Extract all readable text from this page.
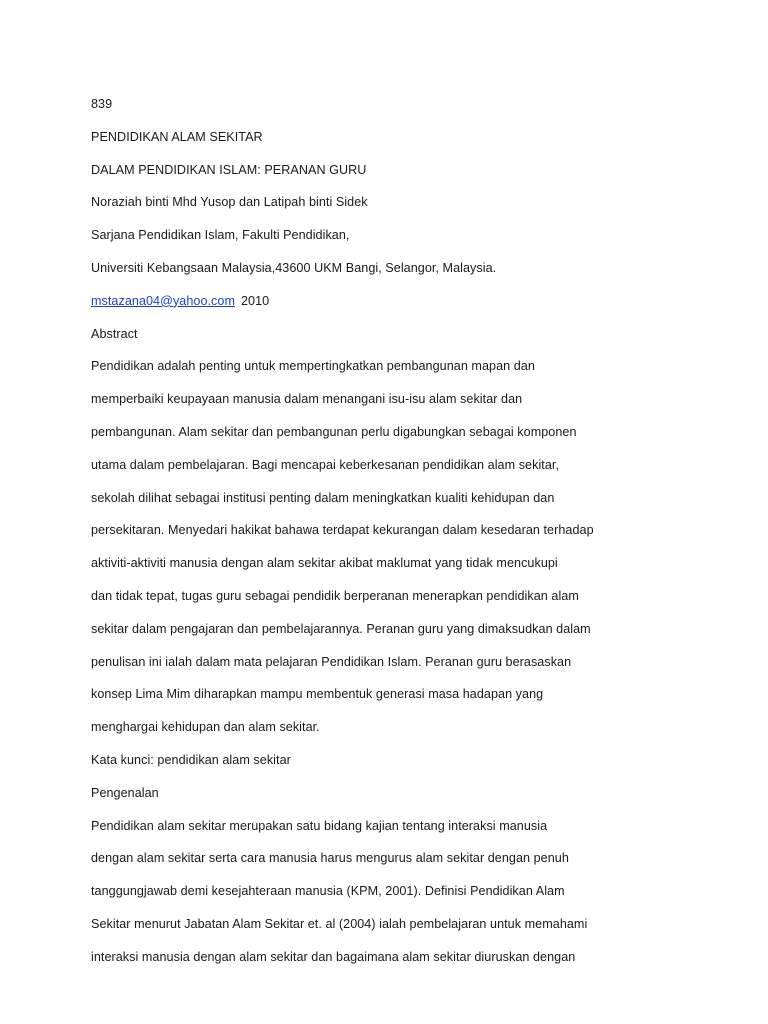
839
PENDIDIKAN ALAM SEKITAR
DALAM PENDIDIKAN ISLAM: PERANAN GURU
Noraziah binti Mhd Yusop dan Latipah binti Sidek
Sarjana Pendidikan Islam, Fakulti Pendidikan,
Universiti Kebangsaan Malaysia,43600 UKM Bangi, Selangor, Malaysia.
mstazana04@yahoo.com 2010
Abstract
Pendidikan adalah penting untuk mempertingkatkan pembangunan mapan dan
memperbaiki keupayaan manusia dalam menangani isu-isu alam sekitar dan
pembangunan. Alam sekitar dan pembangunan perlu digabungkan sebagai komponen
utama dalam pembelajaran. Bagi mencapai keberkesanan pendidikan alam sekitar,
sekolah dilihat sebagai institusi penting dalam meningkatkan kualiti kehidupan dan
persekitaran. Menyedari hakikat bahawa terdapat kekurangan dalam kesedaran terhadap
aktiviti-aktiviti manusia dengan alam sekitar akibat maklumat yang tidak mencukupi
dan tidak tepat, tugas guru sebagai pendidik berperanan menerapkan pendidikan alam
sekitar dalam pengajaran dan pembelajarannya. Peranan guru yang dimaksudkan dalam
penulisan ini ialah dalam mata pelajaran Pendidikan Islam. Peranan guru berasaskan
konsep Lima Mim diharapkan mampu membentuk generasi masa hadapan yang
menghargai kehidupan dan alam sekitar.
Kata kunci: pendidikan alam sekitar
Pengenalan
Pendidikan alam sekitar merupakan satu bidang kajian tentang interaksi manusia
dengan alam sekitar serta cara manusia harus mengurus alam sekitar dengan penuh
tanggungjawab demi kesejahteraan manusia (KPM, 2001). Definisi Pendidikan Alam
Sekitar menurut Jabatan Alam Sekitar et. al (2004) ialah pembelajaran untuk memahami
interaksi manusia dengan alam sekitar dan bagaimana alam sekitar diuruskan dengan
